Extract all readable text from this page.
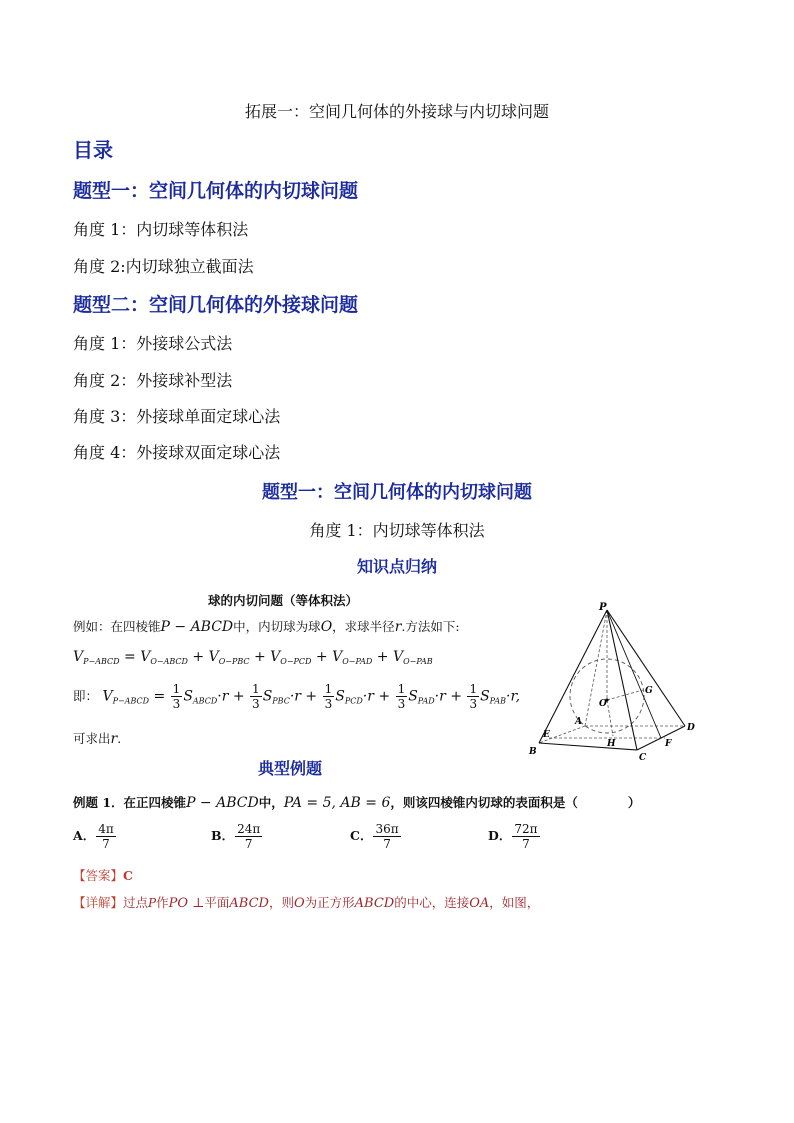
拓展一：空间几何体的外接球与内切球问题
目录
题型一：空间几何体的内切球问题
角度 1：内切球等体积法
角度 2:内切球独立截面法
题型二：空间几何体的外接球问题
角度 1：外接球公式法
角度 2：外接球补型法
角度 3：外接球单面定球心法
角度 4：外接球双面定球心法
题型一：空间几何体的内切球问题
角度 1：内切球等体积法
知识点归纳
球的内切问题（等体积法）
例如：在四棱锥P − ABCD中，内切球为球O，求球半径r.方法如下:
$V_{P-ABCD} = V_{O-ABCD} + V_{O-PBC} + V_{O-PCD} + V_{O-PAD} + V_{O-PAB}$
即： $V_{P-ABCD} = \frac{1}{3} S_{ABCD}\cdot r + \frac{1}{3} S_{PBC}\cdot r + \frac{1}{3} S_{PCD}\cdot r + \frac{1}{3} S_{PAD}\cdot r + \frac{1}{3} S_{PAB}\cdot r$,
可求出r.
P
O
G
D
A
E
H	F
B
C
典型例题
例题 1．在正四棱锥P − ABCD中，PA = 5, AB = 6，则该四棱锥内切球的表面积是（　　　　）
A． $\frac{4\pi}{7}$	B． $\frac{24\pi}{7}$	C． $\frac{36\pi}{7}$	D． $\frac{72\pi}{7}$
【答案】C
【详解】过点P作PO ⊥平面ABCD，则O为正方形ABCD的中心，连接OA，如图，
